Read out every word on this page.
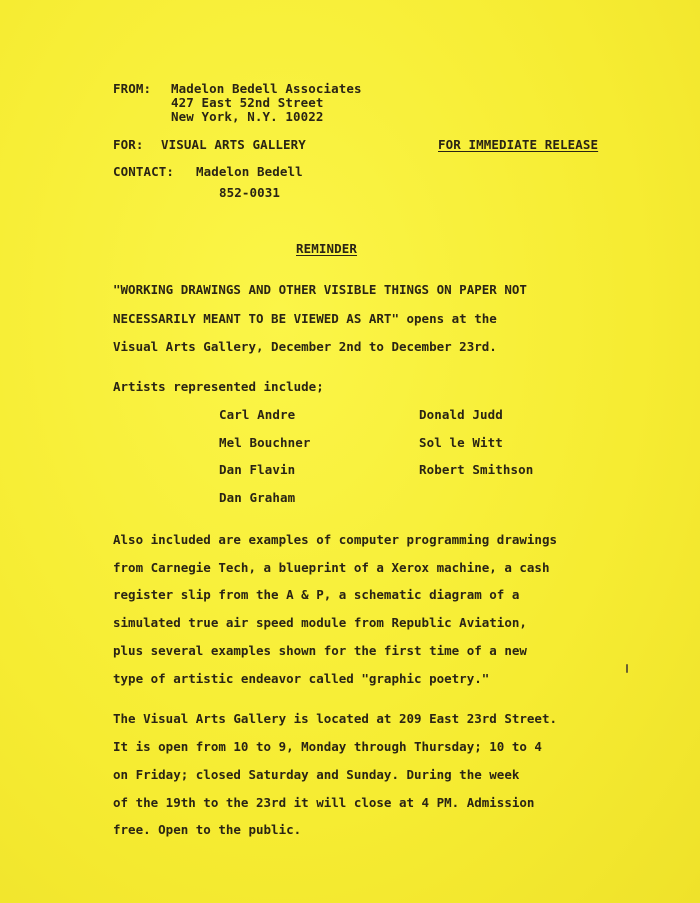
FROM: Madelon Bedell Associates
427 East 52nd Street
New York, N.Y. 10022
FOR: VISUAL ARTS GALLERY	FOR IMMEDIATE RELEASE
CONTACT: Madelon Bedell
852-0031
REMINDER
"WORKING DRAWINGS AND OTHER VISIBLE THINGS ON PAPER NOT
NECESSARILY MEANT TO BE VIEWED AS ART" opens at the
Visual Arts Gallery, December 2nd to December 23rd.
Artists represented include;
Carl Andre
Mel Bouchner
Dan Flavin
Dan Graham
Donald Judd
Sol le Witt
Robert Smithson
Also included are examples of computer programming drawings
from Carnegie Tech, a blueprint of a Xerox machine, a cash
register slip from the A & P, a schematic diagram of a
simulated true air speed module from Republic Aviation,
plus several examples shown for the first time of a new
type of artistic endeavor called "graphic poetry."
The Visual Arts Gallery is located at 209 East 23rd Street.
It is open from 10 to 9, Monday through Thursday; 10 to 4
on Friday; closed Saturday and Sunday. During the week
of the 19th to the 23rd it will close at 4 PM. Admission
free. Open to the public.
